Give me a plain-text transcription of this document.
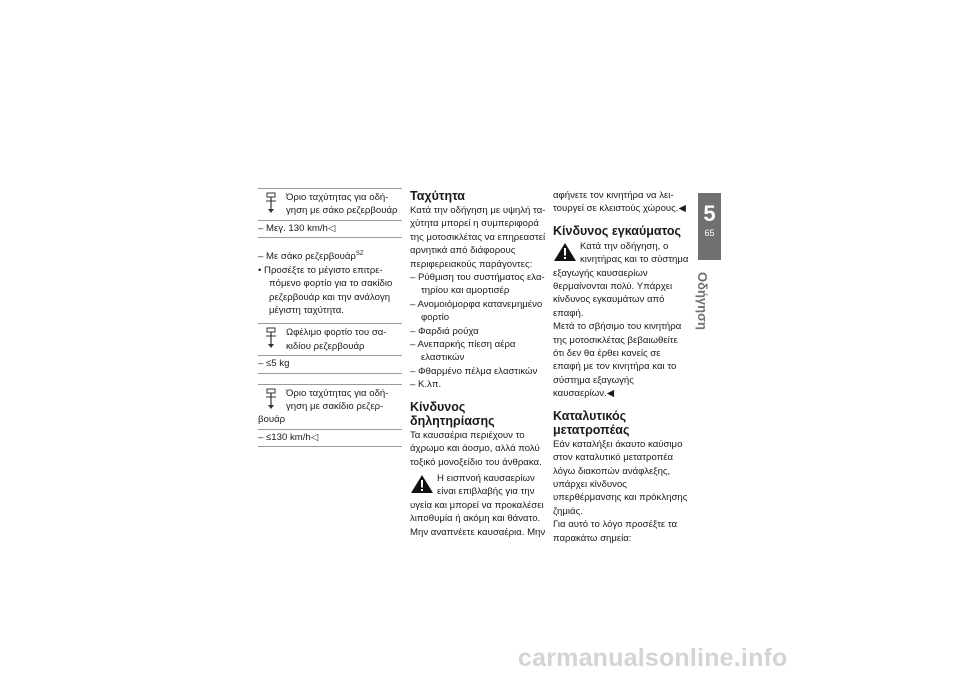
Όριο ταχύτητας για οδήγηση με σάκο ρεζερβουάρ

– Μεγ. 130 km/h◁

– Με σάκο ρεζερβουάρ$^{SZ}$

• Προσέξτε το μέγιστο επιτρεπόμενο φορτίο για το σακίδιο ρεζερβουάρ και την ανάλογη μέγιστη ταχύτητα.

Ωφέλιμο φορτίο του σακιδίου ρεζερβουάρ

– ≤5 kg

Όριο ταχύτητας για οδήγηση με σακίδιο ρεζερβουάρ

– ≤130 km/h◁
Ταχύτητα

Κατά την οδήγηση με υψηλή ταχύτητα μπορεί η συμπεριφορά της μοτοσικλέτας να επηρεαστεί αρνητικά από διάφορους περιφερειακούς παράγοντες:

– Ρύθμιση του συστήματος ελατηρίου και αμορτισέρ

– Ανομοιόμορφα κατανεμημένο φορτίο

– Φαρδιά ρούχα

– Ανεπαρκής πίεση αέρα ελαστικών

– Φθαρμένο πέλμα ελαστικών

– Κ.λπ.

Κίνδυνος δηλητηρίασης

Τα καυσαέρια περιέχουν το άχρωμο και άοσμο, αλλά πολύ τοξικό μονοξείδιο του άνθρακα.

Η εισπνοή καυσαερίων είναι επιβλαβής για την υγεία και μπορεί να προκαλέσει λιποθυμία ή ακόμη και θάνατο.

Μην αναπνέετε καυσαέρια. Μην

αφήνετε τον κινητήρα να λειτουργεί σε κλειστούς χώρους.◀

Κίνδυνος εγκαύματος

Κατά την οδήγηση, ο κινητήρας και το σύστημα εξαγωγής καυσαερίων θερμαίνονται πολύ. Υπάρχει κίνδυνος εγκαυμάτων από επαφή.

Μετά το σβήσιμο του κινητήρα της μοτοσικλέτας βεβαιωθείτε ότι δεν θα έρθει κανείς σε επαφή με τον κινητήρα και το σύστημα εξαγωγής καυσαερίων.◀

Καταλυτικός μετατροπέας

Εάν καταλήξει άκαυτο καύσιμο στον καταλυτικό μετατροπέα λόγω διακοπών ανάφλεξης, υπάρχει κίνδυνος υπερθέρμανσης και πρόκλησης ζημιάς.

Για αυτό το λόγο προσέξτε τα παρακάτω σημεία:

5
65
Οδήγηση
carmanualsonline.info
